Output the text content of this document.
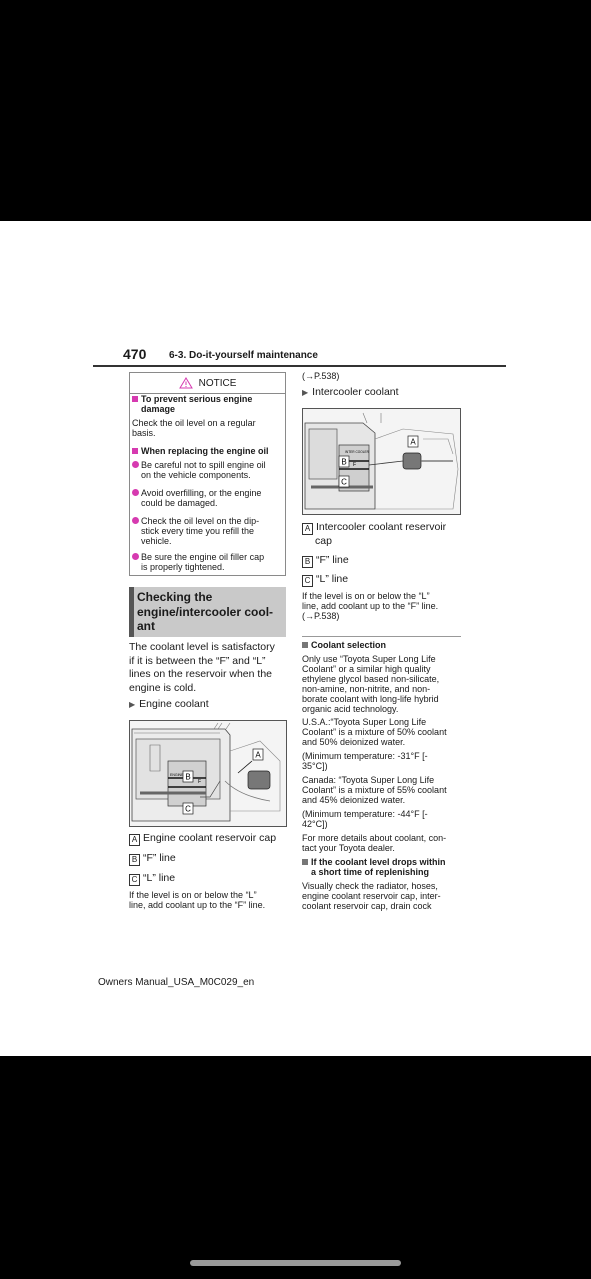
470 6-3. Do-it-yourself maintenance
NOTICE
To prevent serious engine
damage
Check the oil level on a regular
basis.
When replacing the engine oil
Be careful not to spill engine oil
on the vehicle components.
Avoid overfilling, or the engine
could be damaged.
Check the oil level on the dip-
stick every time you refill the
vehicle.
Be sure the engine oil filler cap
is properly tightened.
Checking the
engine/intercooler cool-
ant
The coolant level is satisfactory
if it is between the “F” and “L”
lines on the reservoir when the
engine is cold.
▶ Engine coolant
A
B
C
ENGINE
F
A Engine coolant reservoir cap
B “F” line
C “L” line
If the level is on or below the “L”
line, add coolant up to the “F” line.
(→P.538)
▶ Intercooler coolant
A
B
C
INTER COOLER
F
A Intercooler coolant reservoir
cap
B “F” line
C “L” line
If the level is on or below the “L”
line, add coolant up to the “F” line.
(→P.538)
Coolant selection
Only use “Toyota Super Long Life
Coolant” or a similar high quality
ethylene glycol based non-silicate,
non-amine, non-nitrite, and non-
borate coolant with long-life hybrid
organic acid technology.
U.S.A.:“Toyota Super Long Life
Coolant” is a mixture of 50% coolant
and 50% deionized water.
(Minimum temperature: -31°F [-
35°C])
Canada: “Toyota Super Long Life
Coolant” is a mixture of 55% coolant
and 45% deionized water.
(Minimum temperature: -44°F [-
42°C])
For more details about coolant, con-
tact your Toyota dealer.
If the coolant level drops within
a short time of replenishing
Visually check the radiator, hoses,
engine coolant reservoir cap, inter-
coolant reservoir cap, drain cock
Owners Manual_USA_M0C029_en
